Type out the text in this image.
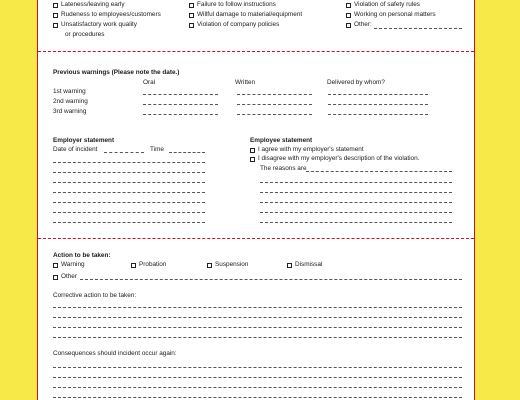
Lateness/leaving early
Rudeness to employees/customers
Unsatisfactory work quality
or procedures
Failure to follow instructions
Willful damage to material/equipment
Violation of company policies
Violation of safety rules
Working on personal matters
Other:
Previous warnings (Please note the date.)
Oral	Written	Delivered by whom?
1st warning
2nd warning
3rd warning
Employer statement
Date of incident	Time
Employee statement
I agree with my employer's statement
I disagree with my employer's description of the violation.
The reasons are
Action to be taken:
Warning	Probation	Suspension	Dismissal
Other
Corrective action to be taken:
Consequences should incident occur again:
